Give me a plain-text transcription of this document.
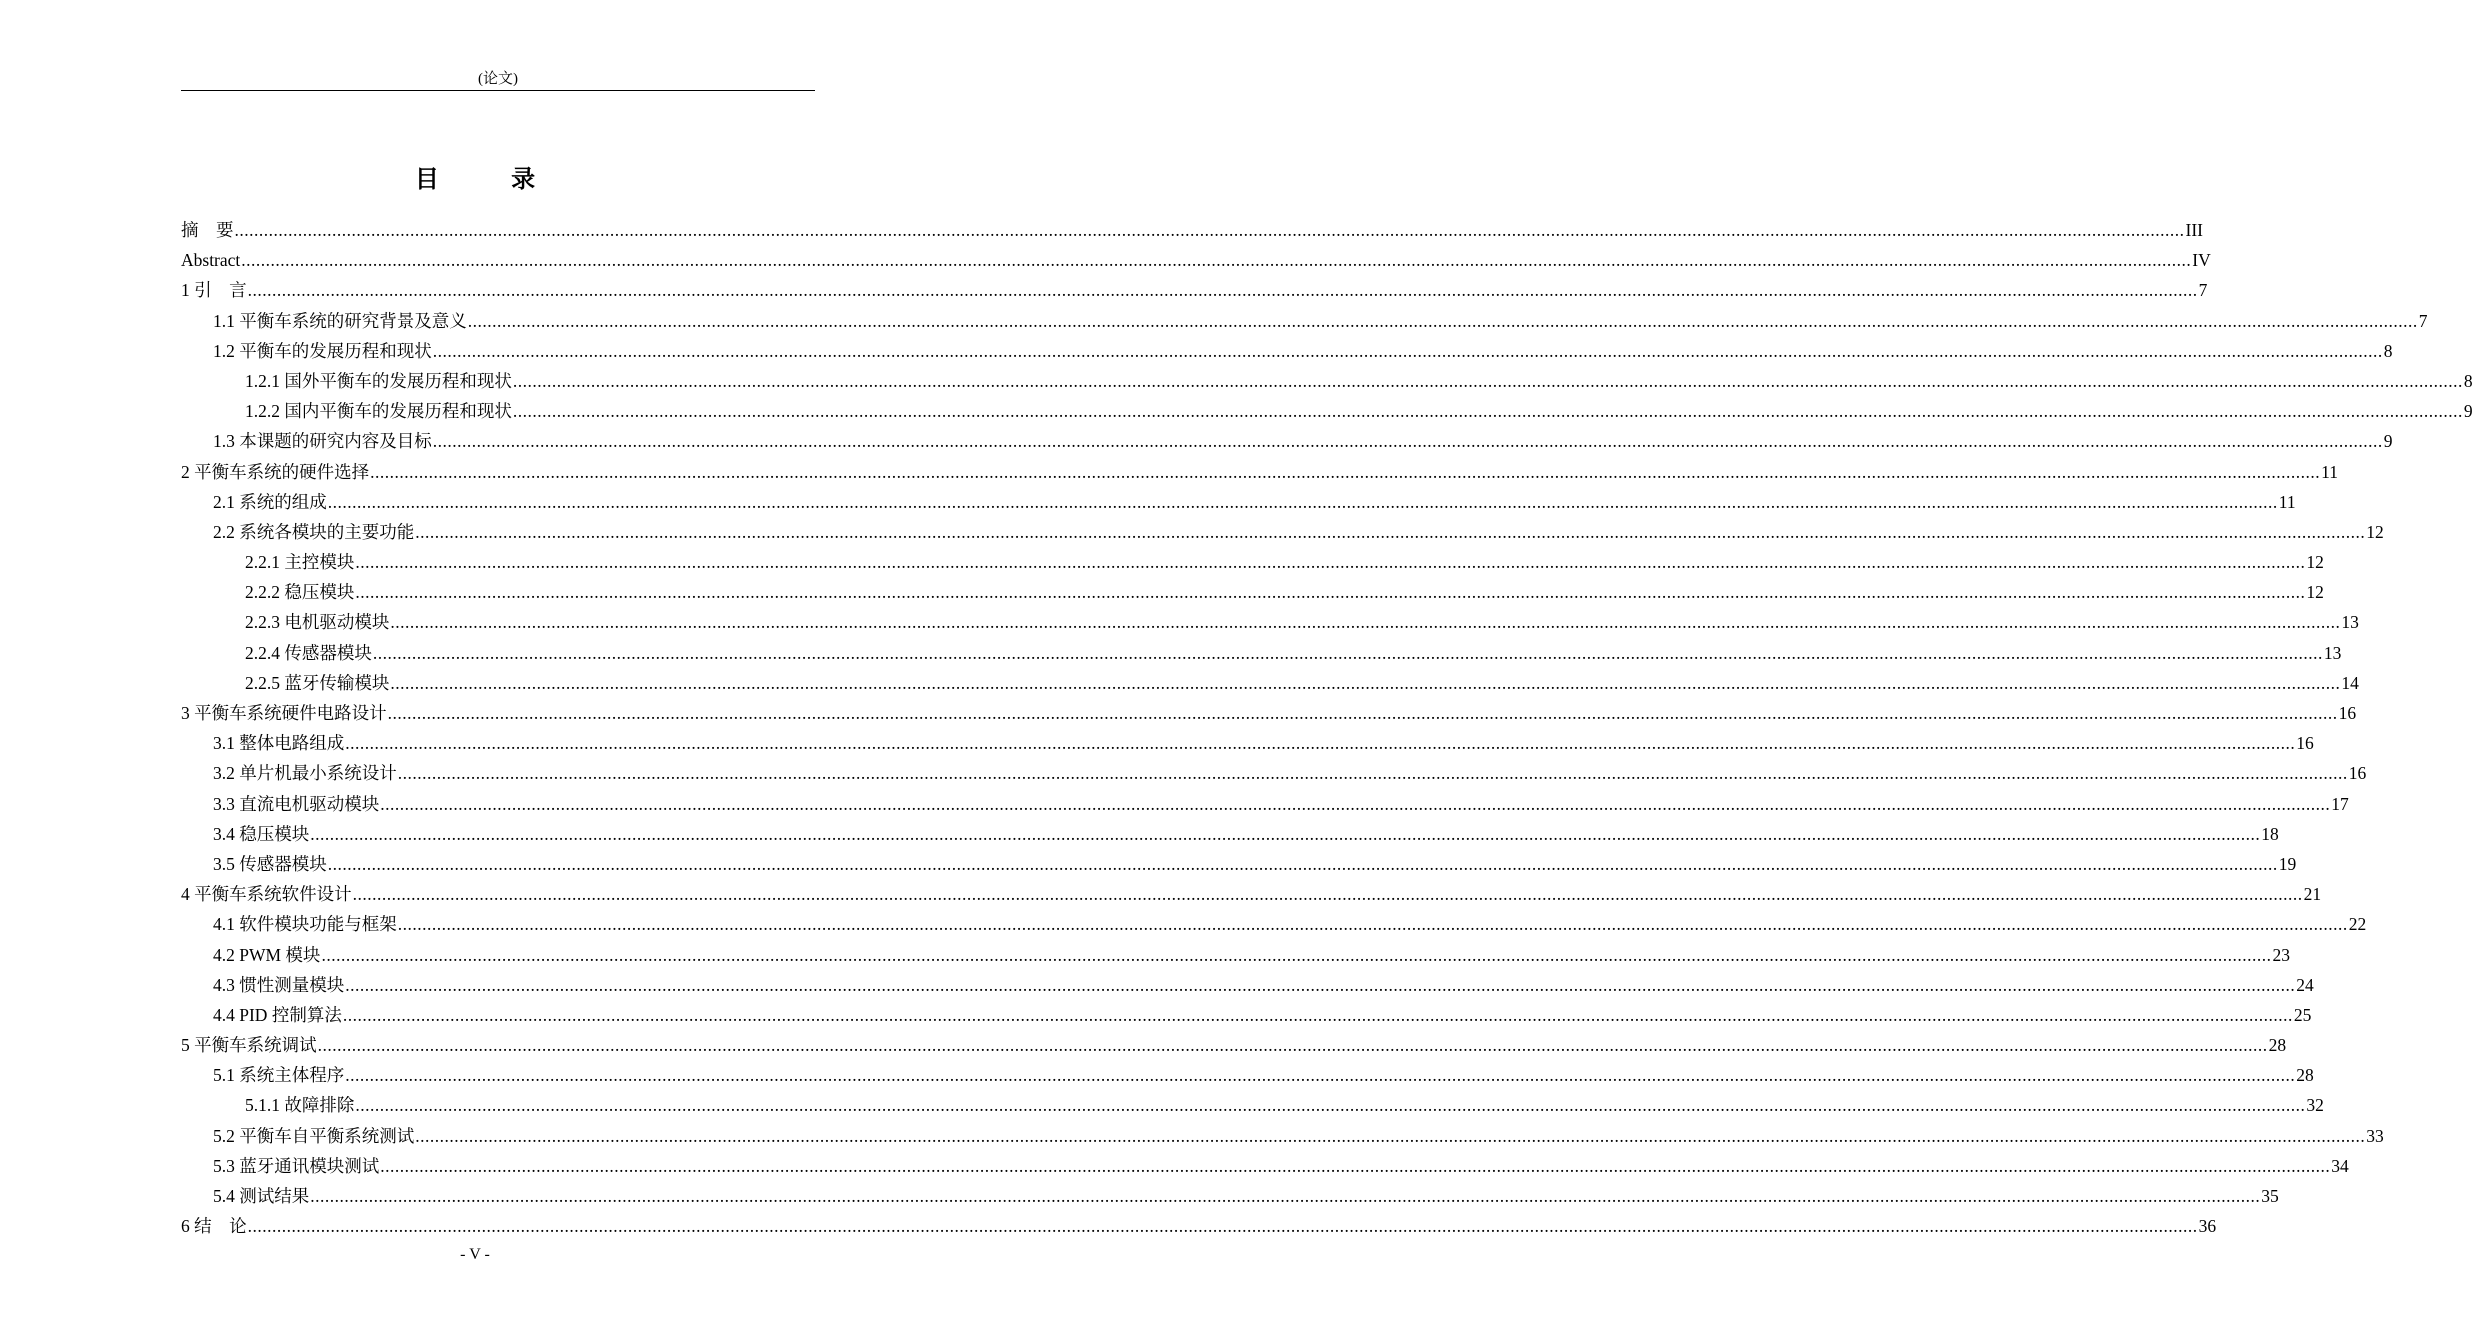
(论文)
目 录
摘　要 ................................................................................................................................................................................................................................................................................................................................................................................................................ III
Abstract ................................................................................................................................................................................................................................................................................................................................................................................................................ IV
1 引　言 ................................................................................................................................................................................................................................................................................................................................................................................................................ 7
1.1 平衡车系统的研究背景及意义 ................................................................................................................................................................................................................................................................................................................................................................................................................ 7
1.2 平衡车的发展历程和现状 ................................................................................................................................................................................................................................................................................................................................................................................................................ 8
1.2.1 国外平衡车的发展历程和现状 ................................................................................................................................................................................................................................................................................................................................................................................................................ 8
1.2.2 国内平衡车的发展历程和现状 ................................................................................................................................................................................................................................................................................................................................................................................................................ 9
1.3 本课题的研究内容及目标 ................................................................................................................................................................................................................................................................................................................................................................................................................ 9
2 平衡车系统的硬件选择 ................................................................................................................................................................................................................................................................................................................................................................................................................ 11
2.1 系统的组成 ................................................................................................................................................................................................................................................................................................................................................................................................................ 11
2.2 系统各模块的主要功能 ................................................................................................................................................................................................................................................................................................................................................................................................................ 12
2.2.1 主控模块 ................................................................................................................................................................................................................................................................................................................................................................................................................ 12
2.2.2 稳压模块 ................................................................................................................................................................................................................................................................................................................................................................................................................ 12
2.2.3 电机驱动模块 ................................................................................................................................................................................................................................................................................................................................................................................................................ 13
2.2.4 传感器模块 ................................................................................................................................................................................................................................................................................................................................................................................................................ 13
2.2.5 蓝牙传输模块 ................................................................................................................................................................................................................................................................................................................................................................................................................ 14
3 平衡车系统硬件电路设计 ................................................................................................................................................................................................................................................................................................................................................................................................................ 16
3.1 整体电路组成 ................................................................................................................................................................................................................................................................................................................................................................................................................ 16
3.2 单片机最小系统设计 ................................................................................................................................................................................................................................................................................................................................................................................................................ 16
3.3 直流电机驱动模块 ................................................................................................................................................................................................................................................................................................................................................................................................................ 17
3.4 稳压模块 ................................................................................................................................................................................................................................................................................................................................................................................................................ 18
3.5 传感器模块 ................................................................................................................................................................................................................................................................................................................................................................................................................ 19
4 平衡车系统软件设计 ................................................................................................................................................................................................................................................................................................................................................................................................................ 21
4.1 软件模块功能与框架 ................................................................................................................................................................................................................................................................................................................................................................................................................ 22
4.2 PWM 模块 ................................................................................................................................................................................................................................................................................................................................................................................................................ 23
4.3 惯性测量模块 ................................................................................................................................................................................................................................................................................................................................................................................................................ 24
4.4 PID 控制算法 ................................................................................................................................................................................................................................................................................................................................................................................................................ 25
5 平衡车系统调试 ................................................................................................................................................................................................................................................................................................................................................................................................................ 28
5.1 系统主体程序 ................................................................................................................................................................................................................................................................................................................................................................................................................ 28
5.1.1 故障排除 ................................................................................................................................................................................................................................................................................................................................................................................................................ 32
5.2 平衡车自平衡系统测试 ................................................................................................................................................................................................................................................................................................................................................................................................................ 33
5.3 蓝牙通讯模块测试 ................................................................................................................................................................................................................................................................................................................................................................................................................ 34
5.4 测试结果 ................................................................................................................................................................................................................................................................................................................................................................................................................ 35
6 结　论 ................................................................................................................................................................................................................................................................................................................................................................................................................ 36
- V -
